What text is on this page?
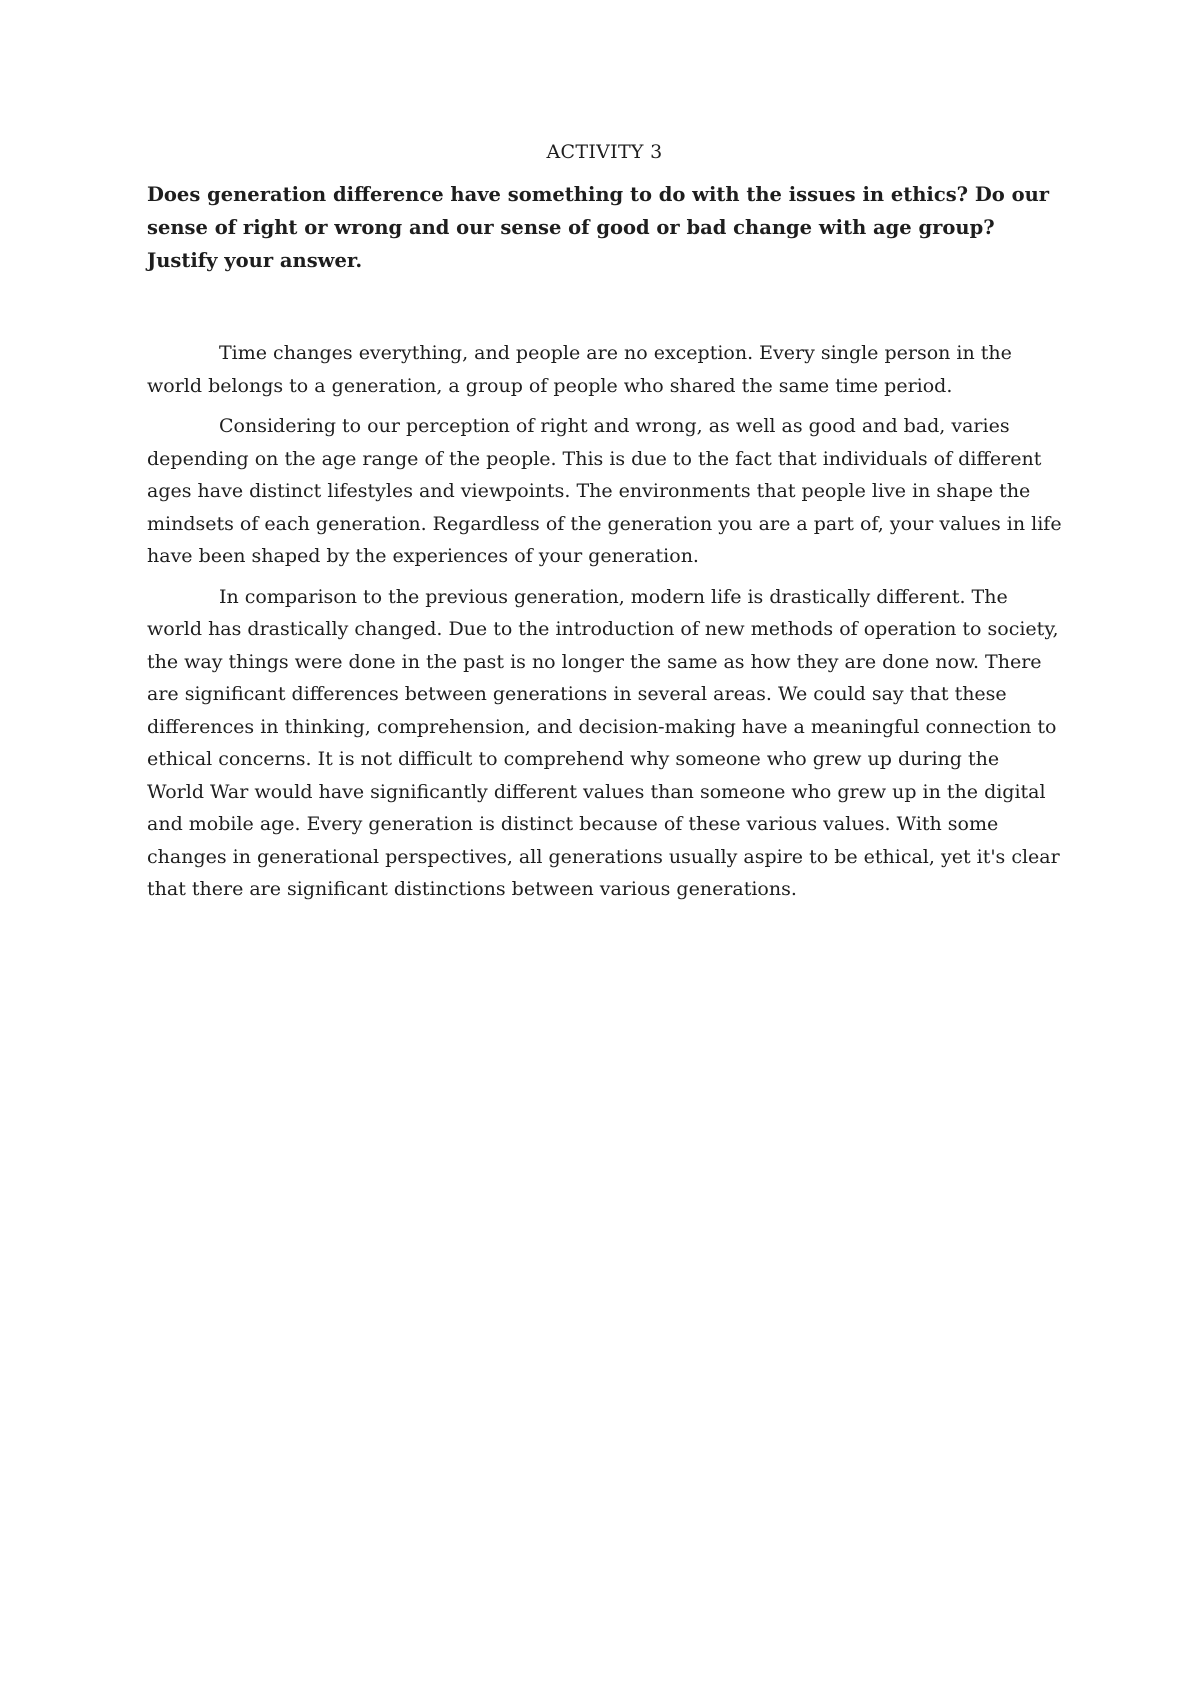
ACTIVITY 3

Does generation difference have something to do with the issues in ethics? Do our sense of right or wrong and our sense of good or bad change with age group? Justify your answer.

Time changes everything, and people are no exception. Every single person in the world belongs to a generation, a group of people who shared the same time period.

Considering to our perception of right and wrong, as well as good and bad, varies depending on the age range of the people. This is due to the fact that individuals of different ages have distinct lifestyles and viewpoints. The environments that people live in shape the mindsets of each generation. Regardless of the generation you are a part of, your values in life have been shaped by the experiences of your generation.

In comparison to the previous generation, modern life is drastically different. The world has drastically changed. Due to the introduction of new methods of operation to society, the way things were done in the past is no longer the same as how they are done now. There are significant differences between generations in several areas. We could say that these differences in thinking, comprehension, and decision-making have a meaningful connection to ethical concerns. It is not difficult to comprehend why someone who grew up during the World War would have significantly different values than someone who grew up in the digital and mobile age. Every generation is distinct because of these various values. With some changes in generational perspectives, all generations usually aspire to be ethical, yet it's clear that there are significant distinctions between various generations.
